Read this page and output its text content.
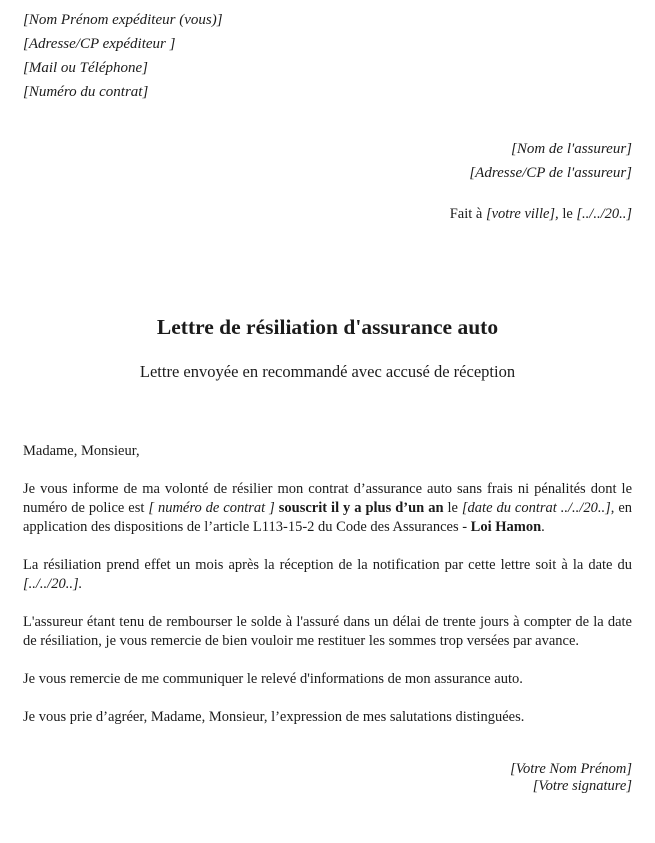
[Nom Prénom expéditeur (vous)]
[Adresse/CP expéditeur ]
[Mail ou Téléphone]
[Numéro du contrat]
[Nom de l'assureur]
[Adresse/CP de l'assureur]
Fait à [votre ville], le [../../20..]
Lettre de résiliation d'assurance auto
Lettre envoyée en recommandé avec accusé de réception

Madame, Monsieur,

Je vous informe de ma volonté de résilier mon contrat d’assurance auto sans frais ni pénalités dont le numéro de police est [ numéro de contrat ] souscrit il y a plus d’un an le [date du contrat ../../20..], en application des dispositions de l’article L113-15-2 du Code des Assurances - Loi Hamon.

La résiliation prend effet un mois après la réception de la notification par cette lettre soit à la date du [../../20..].

L'assureur étant tenu de rembourser le solde à l'assuré dans un délai de trente jours à compter de la date de résiliation, je vous remercie de bien vouloir me restituer les sommes trop versées par avance.

Je vous remercie de me communiquer le relevé d'informations de mon assurance auto.

Je vous prie d’agréer, Madame, Monsieur, l’expression de mes salutations distinguées.

[Votre Nom Prénom]
[Votre signature]
